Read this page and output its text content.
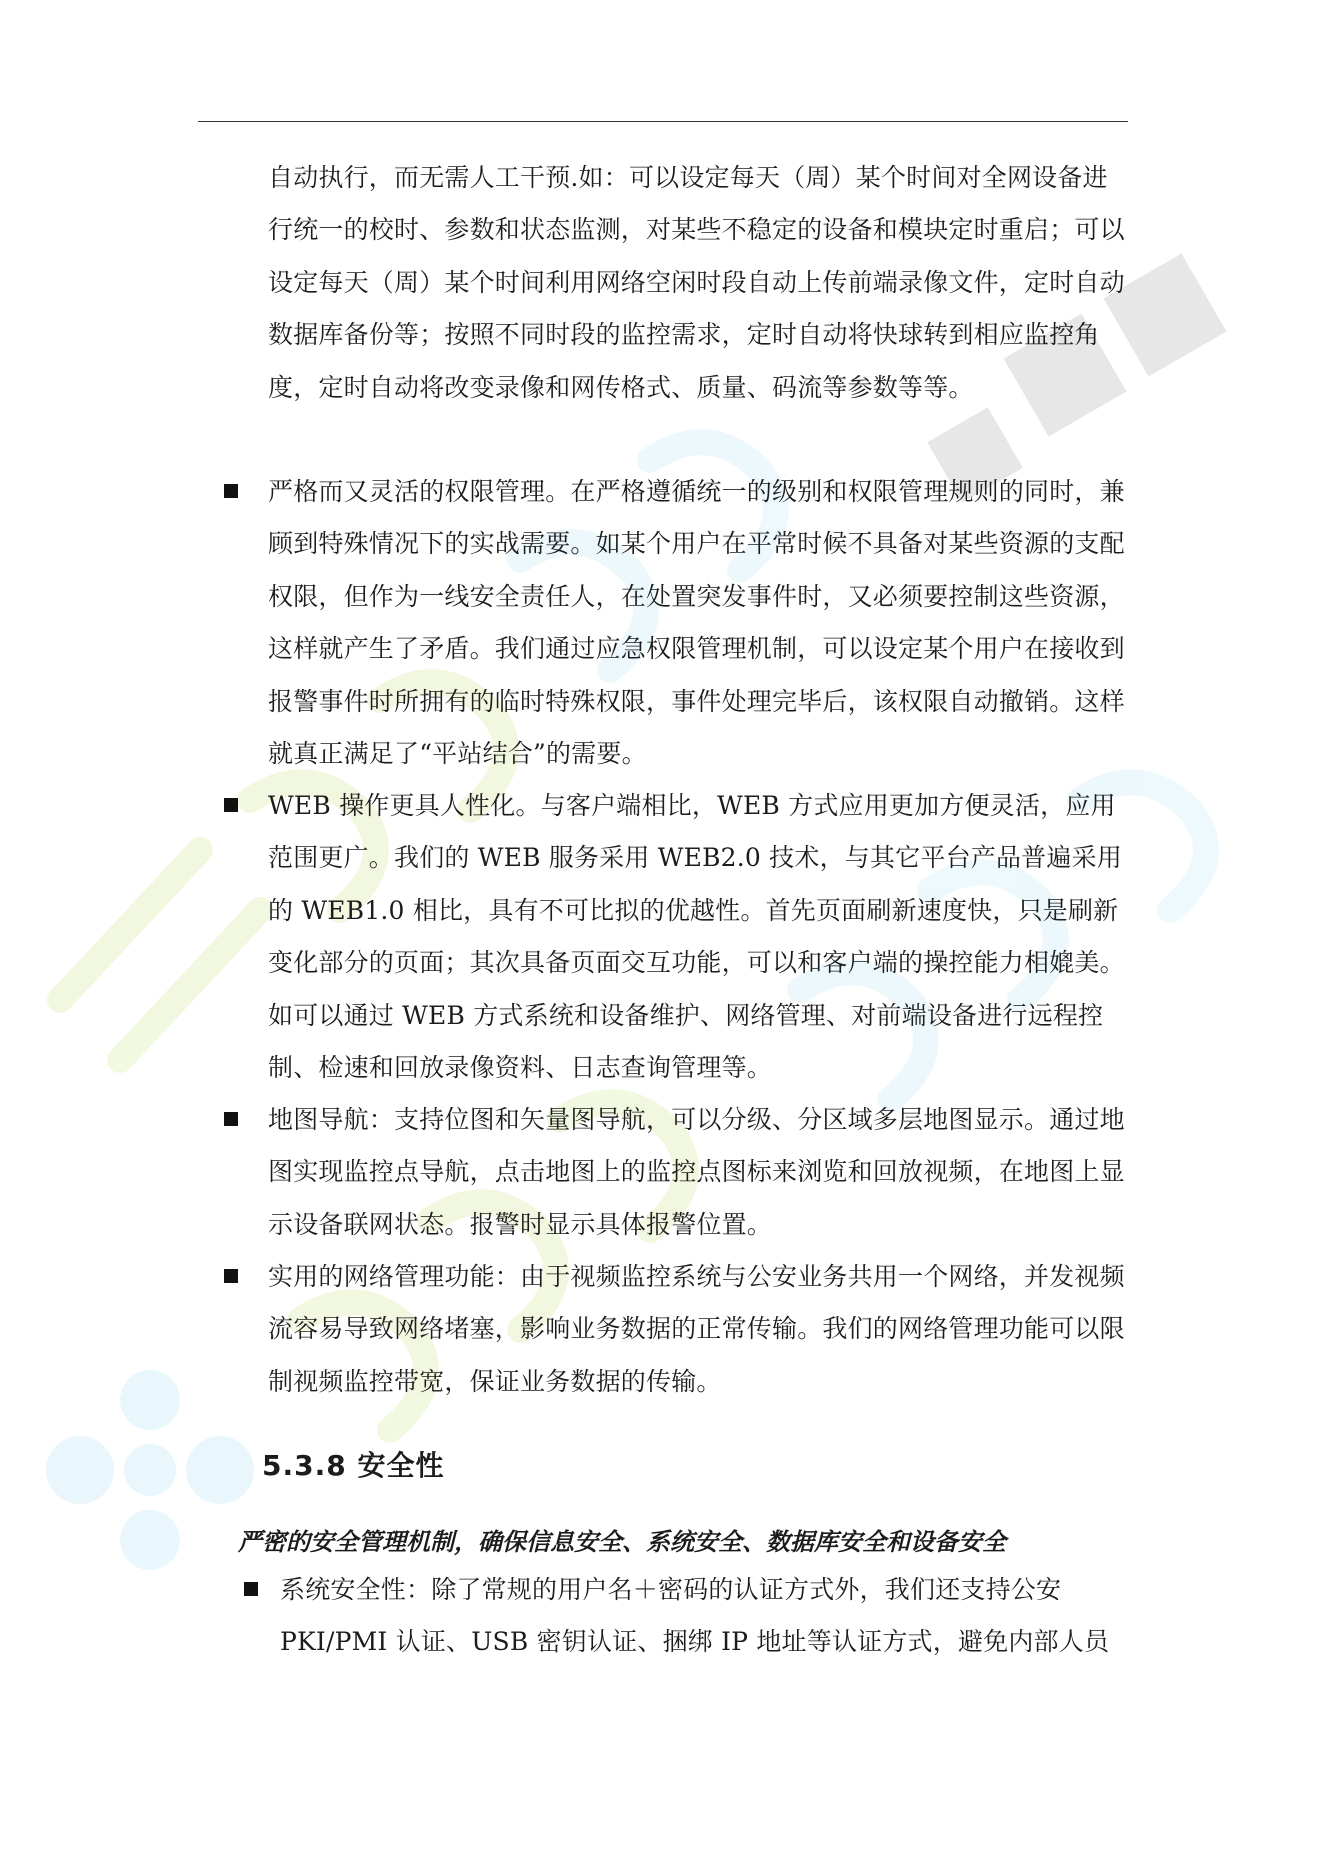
自动执行，而无需人工干预.如：可以设定每天（周）某个时间对全网设备进行统一的校时、参数和状态监测，对某些不稳定的设备和模块定时重启；可以设定每天（周）某个时间利用网络空闲时段自动上传前端录像文件，定时自动数据库备份等；按照不同时段的监控需求，定时自动将快球转到相应监控角度，定时自动将改变录像和网传格式、质量、码流等参数等等。

严格而又灵活的权限管理。在严格遵循统一的级别和权限管理规则的同时，兼顾到特殊情况下的实战需要。如某个用户在平常时候不具备对某些资源的支配权限，但作为一线安全责任人，在处置突发事件时，又必须要控制这些资源，这样就产生了矛盾。我们通过应急权限管理机制，可以设定某个用户在接收到报警事件时所拥有的临时特殊权限，事件处理完毕后，该权限自动撤销。这样就真正满足了“平站结合”的需要。

WEB 操作更具人性化。与客户端相比，WEB 方式应用更加方便灵活，应用范围更广。我们的 WEB 服务采用 WEB2.0 技术，与其它平台产品普遍采用的 WEB1.0 相比，具有不可比拟的优越性。首先页面刷新速度快，只是刷新变化部分的页面；其次具备页面交互功能，可以和客户端的操控能力相媲美。如可以通过 WEB 方式系统和设备维护、网络管理、对前端设备进行远程控制、检速和回放录像资料、日志查询管理等。

地图导航：支持位图和矢量图导航，可以分级、分区域多层地图显示。通过地图实现监控点导航，点击地图上的监控点图标来浏览和回放视频，在地图上显示设备联网状态。报警时显示具体报警位置。

实用的网络管理功能：由于视频监控系统与公安业务共用一个网络，并发视频流容易导致网络堵塞，影响业务数据的正常传输。我们的网络管理功能可以限制视频监控带宽，保证业务数据的传输。

5.3.8 安全性

严密的安全管理机制，确保信息安全、系统安全、数据库安全和设备安全

系统安全性：除了常规的用户名＋密码的认证方式外，我们还支持公安 PKI/PMI 认证、USB 密钥认证、捆绑 IP 地址等认证方式，避免内部人员
